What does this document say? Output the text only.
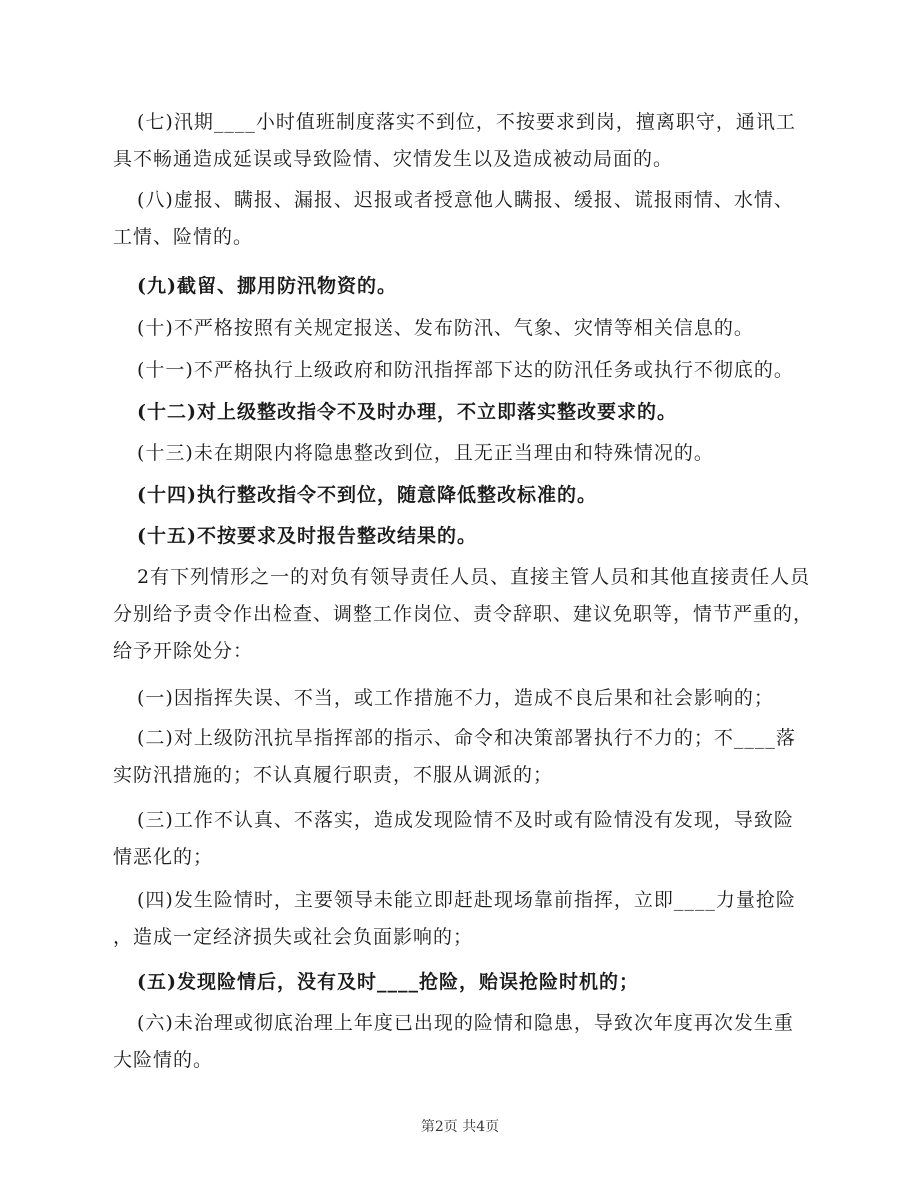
(七)汛期____小时值班制度落实不到位，不按要求到岗，擅离职守，通讯工
具不畅通造成延误或导致险情、灾情发生以及造成被动局面的。

(八)虚报、瞒报、漏报、迟报或者授意他人瞒报、缓报、谎报雨情、水情、
工情、险情的。

(九)截留、挪用防汛物资的。

(十)不严格按照有关规定报送、发布防汛、气象、灾情等相关信息的。

(十一)不严格执行上级政府和防汛指挥部下达的防汛任务或执行不彻底的。

(十二)对上级整改指令不及时办理，不立即落实整改要求的。

(十三)未在期限内将隐患整改到位，且无正当理由和特殊情况的。

(十四)执行整改指令不到位，随意降低整改标准的。

(十五)不按要求及时报告整改结果的。

2有下列情形之一的对负有领导责任人员、直接主管人员和其他直接责任人员
分别给予责令作出检查、调整工作岗位、责令辞职、建议免职等，情节严重的，
给予开除处分：

(一)因指挥失误、不当，或工作措施不力，造成不良后果和社会影响的；

(二)对上级防汛抗旱指挥部的指示、命令和决策部署执行不力的；不____落
实防汛措施的；不认真履行职责，不服从调派的；

(三)工作不认真、不落实，造成发现险情不及时或有险情没有发现，导致险
情恶化的；

(四)发生险情时，主要领导未能立即赶赴现场靠前指挥，立即____力量抢险
，造成一定经济损失或社会负面影响的；

(五)发现险情后，没有及时____抢险，贻误抢险时机的；

(六)未治理或彻底治理上年度已出现的险情和隐患，导致次年度再次发生重
大险情的。

第2页 共4页
